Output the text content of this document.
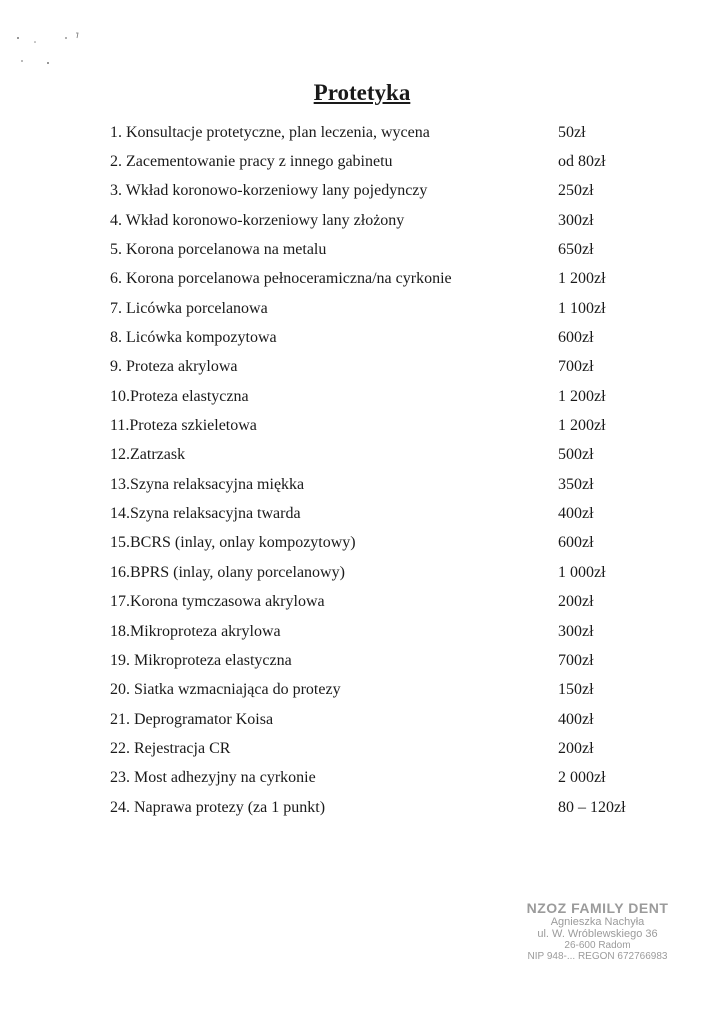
Protetyka
1. Konsultacje protetyczne, plan leczenia, wycena	50zł
2. Zacementowanie pracy z innego gabinetu	od 80zł
3. Wkład koronowo-korzeniowy lany pojedynczy	250zł
4. Wkład koronowo-korzeniowy lany złożony	300zł
5. Korona porcelanowa na metalu	650zł
6. Korona porcelanowa pełnoceramiczna/na cyrkonie	1 200zł
7. Licówka porcelanowa	1 100zł
8. Licówka kompozytowa	600zł
9. Proteza akrylowa	700zł
10.Proteza elastyczna	1 200zł
11.Proteza szkieletowa	1 200zł
12.Zatrzask	500zł
13.Szyna relaksacyjna miękka	350zł
14.Szyna relaksacyjna twarda	400zł
15.BCRS (inlay, onlay kompozytowy)	600zł
16.BPRS (inlay, olany porcelanowy)	1 000zł
17.Korona tymczasowa akrylowa	200zł
18.Mikroproteza akrylowa	300zł
19. Mikroproteza elastyczna	700zł
20. Siatka wzmacniająca do protezy	150zł
21. Deprogramator Koisa	400zł
22. Rejestracja CR	200zł
23. Most adhezyjny na cyrkonie	2 000zł
24. Naprawa protezy (za 1 punkt)	80 – 120zł
NZOZ FAMILY DENT
Agnieszka Nachyła
ul. W. Wróblewskiego 36
26-600 Radom
NIP 948-... REGON 672766983
